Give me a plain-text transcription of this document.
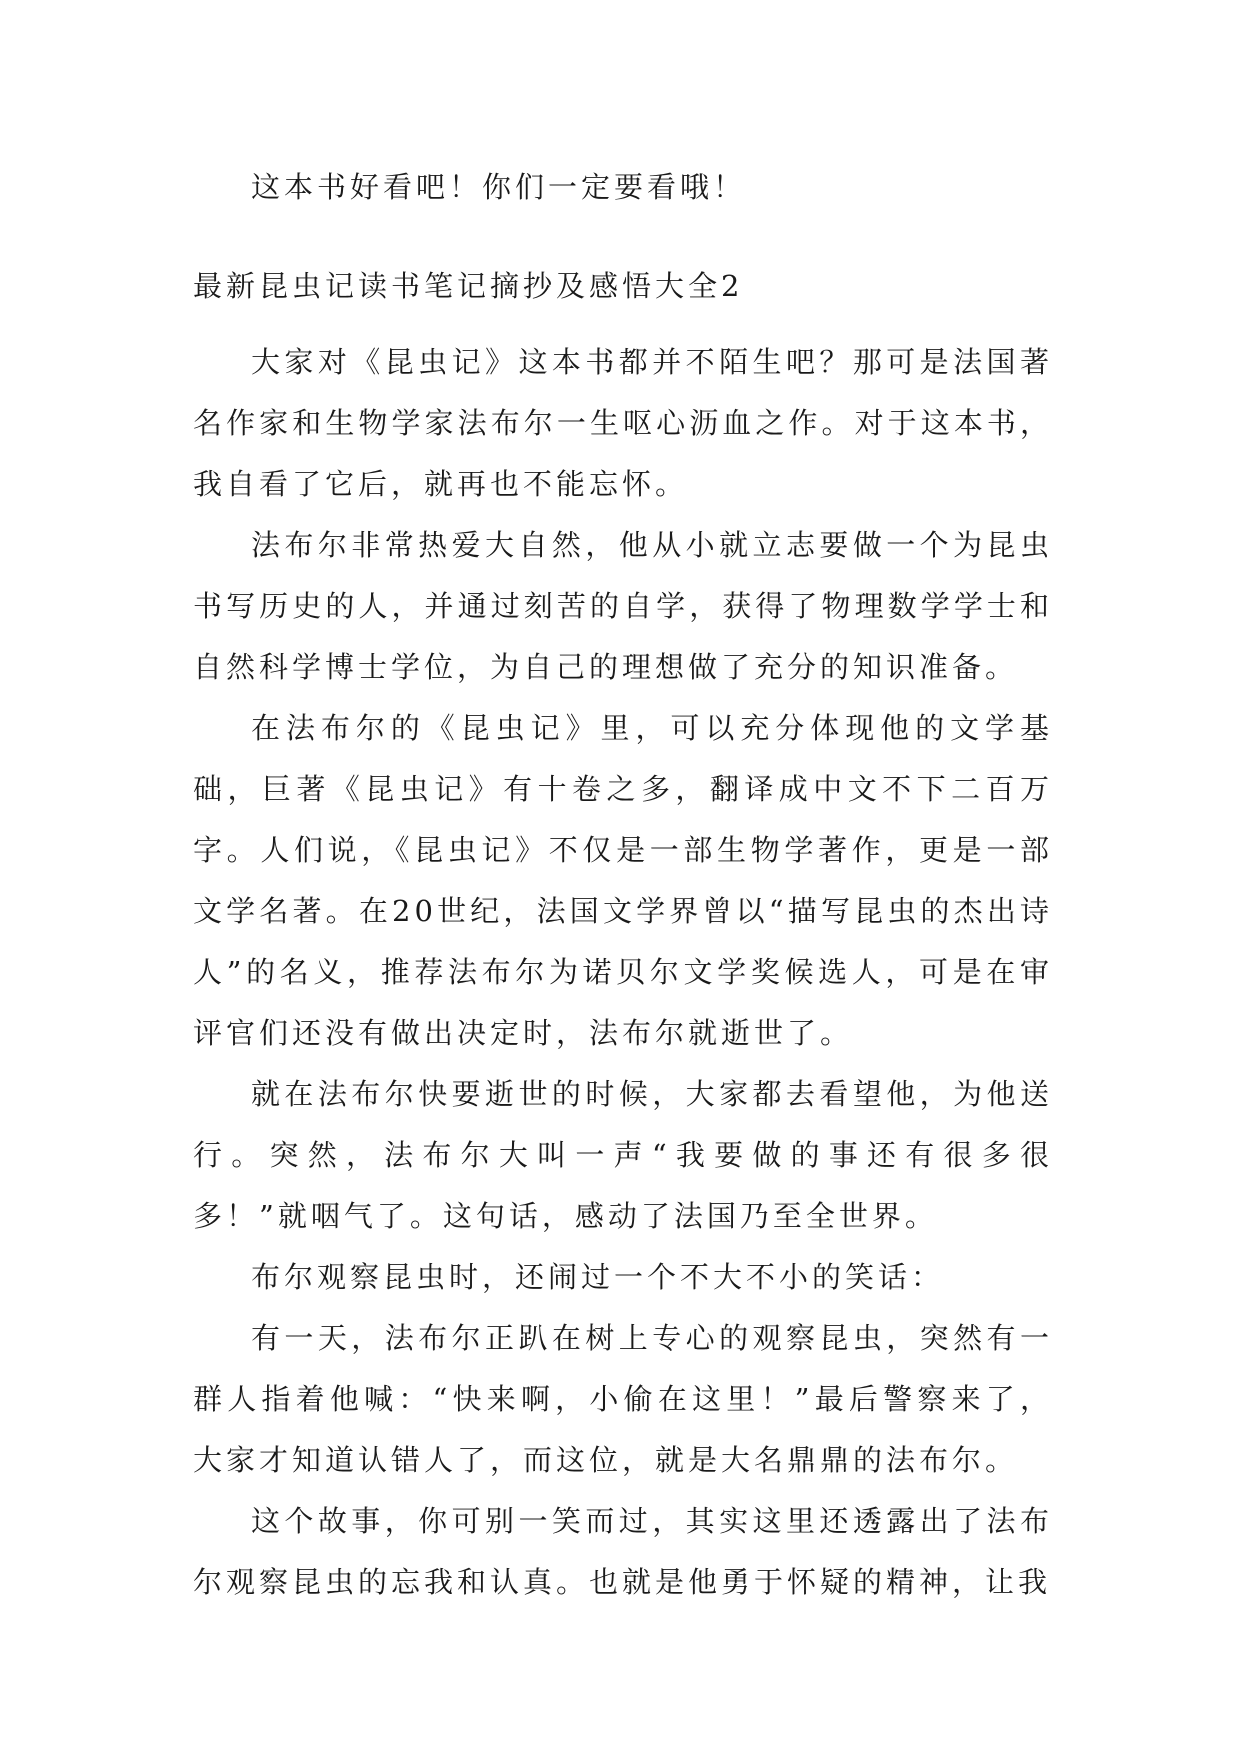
这本书好看吧！你们一定要看哦！

最新昆虫记读书笔记摘抄及感悟大全2

大家对《昆虫记》这本书都并不陌生吧？那可是法国著名作家和生物学家法布尔一生呕心沥血之作。对于这本书，我自看了它后，就再也不能忘怀。

法布尔非常热爱大自然，他从小就立志要做一个为昆虫书写历史的人，并通过刻苦的自学，获得了物理数学学士和自然科学博士学位，为自己的理想做了充分的知识准备。

在法布尔的《昆虫记》里，可以充分体现他的文学基础，巨著《昆虫记》有十卷之多，翻译成中文不下二百万字。人们说，《昆虫记》不仅是一部生物学著作，更是一部文学名著。在20世纪，法国文学界曾以“描写昆虫的杰出诗人”的名义，推荐法布尔为诺贝尔文学奖候选人，可是在审评官们还没有做出决定时，法布尔就逝世了。

就在法布尔快要逝世的时候，大家都去看望他，为他送行。突然，法布尔大叫一声“我要做的事还有很多很多！”就咽气了。这句话，感动了法国乃至全世界。

布尔观察昆虫时，还闹过一个不大不小的笑话：

有一天，法布尔正趴在树上专心的观察昆虫，突然有一群人指着他喊：“快来啊，小偷在这里！”最后警察来了，大家才知道认错人了，而这位，就是大名鼎鼎的法布尔。

这个故事，你可别一笑而过，其实这里还透露出了法布尔观察昆虫的忘我和认真。也就是他勇于怀疑的精神，让我
